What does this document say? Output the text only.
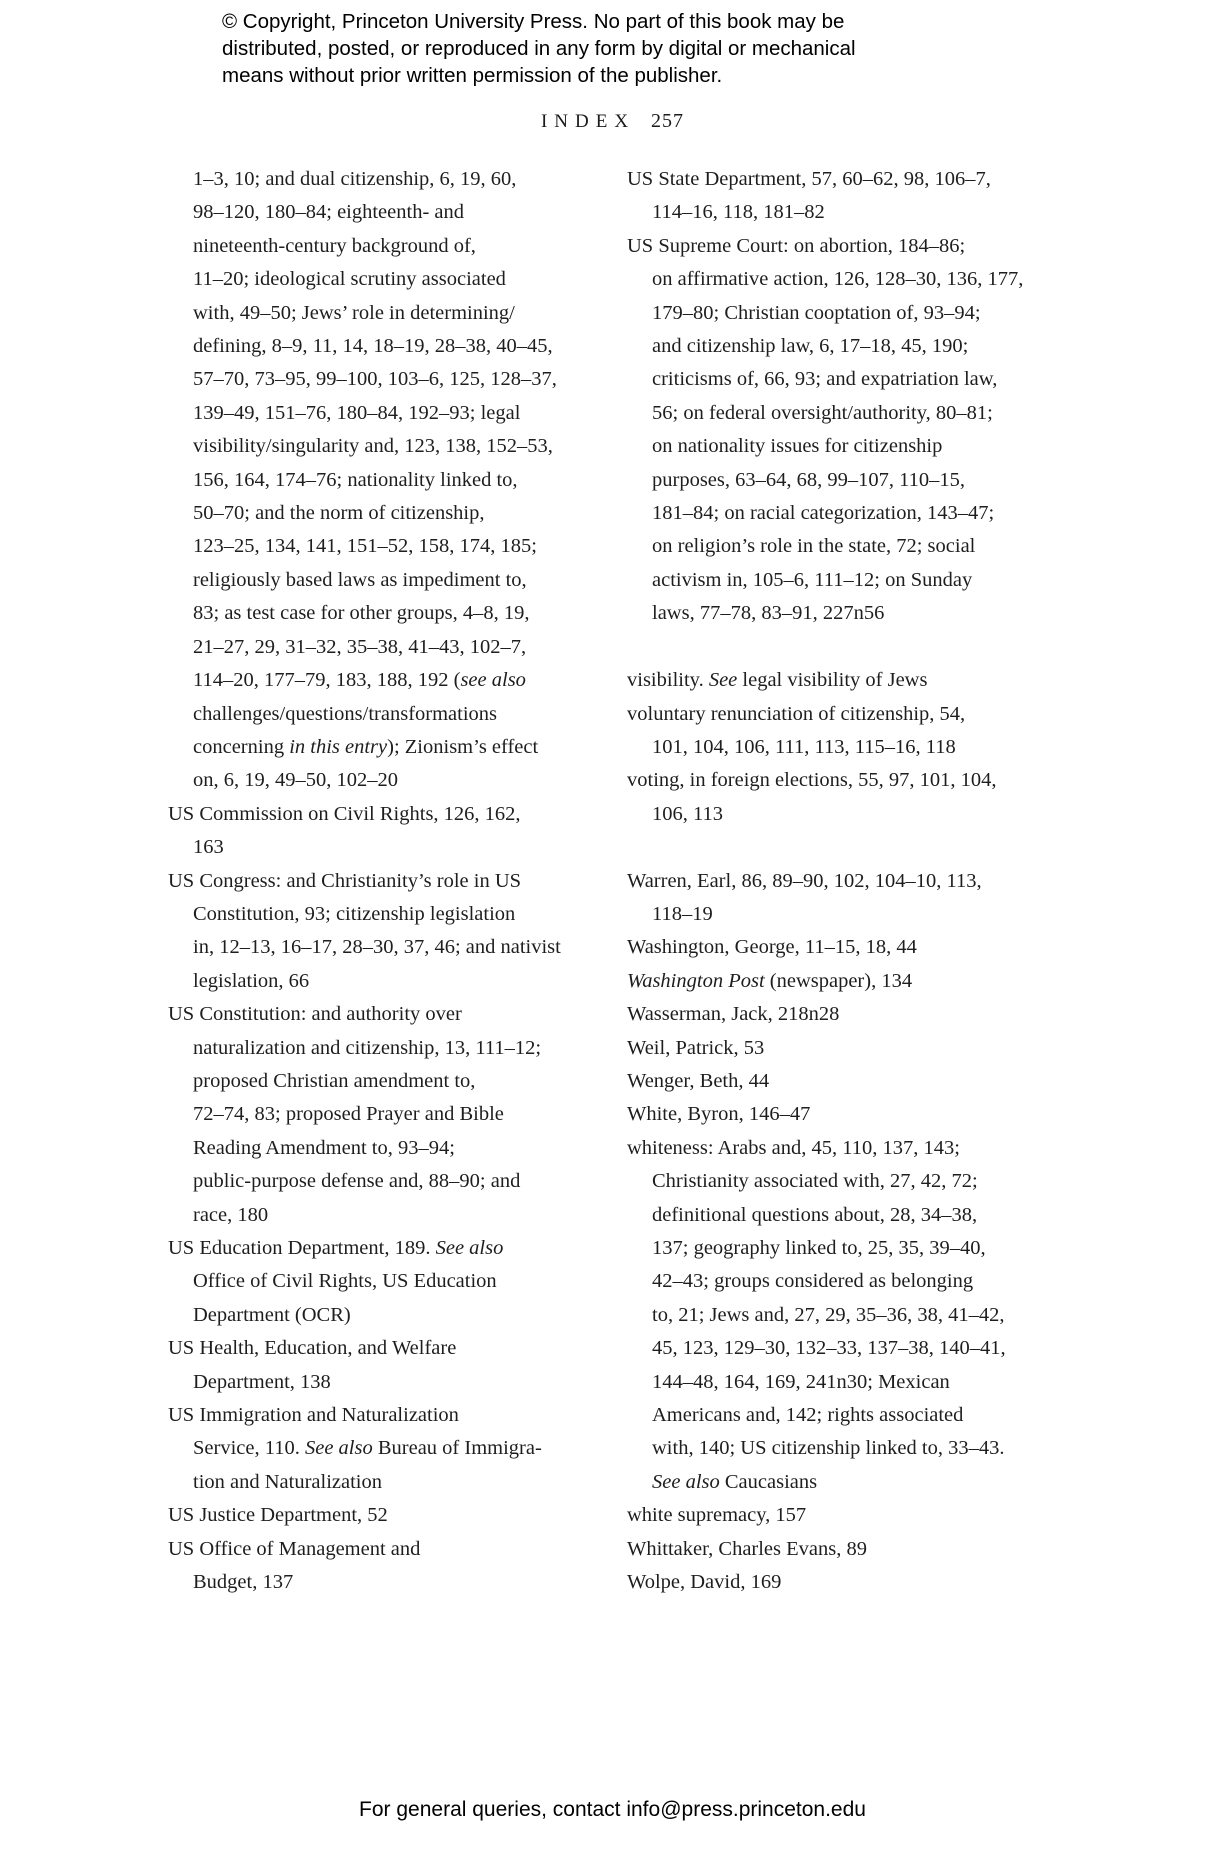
© Copyright, Princeton University Press. No part of this book may be
distributed, posted, or reproduced in any form by digital or mechanical
means without prior written permission of the publisher.
INDEX 257
1–3, 10; and dual citizenship, 6, 19, 60,
98–120, 180–84; eighteenth- and
nineteenth-century background of,
11–20; ideological scrutiny associated
with, 49–50; Jews’ role in determining/
defining, 8–9, 11, 14, 18–19, 28–38, 40–45,
57–70, 73–95, 99–100, 103–6, 125, 128–37,
139–49, 151–76, 180–84, 192–93; legal
visibility/singularity and, 123, 138, 152–53,
156, 164, 174–76; nationality linked to,
50–70; and the norm of citizenship,
123–25, 134, 141, 151–52, 158, 174, 185;
religiously based laws as impediment to,
83; as test case for other groups, 4–8, 19,
21–27, 29, 31–32, 35–38, 41–43, 102–7,
114–20, 177–79, 183, 188, 192 (see also
challenges/questions/transformations
concerning in this entry); Zionism’s effect
on, 6, 19, 49–50, 102–20
US Commission on Civil Rights, 126, 162,
163
US Congress: and Christianity’s role in US
Constitution, 93; citizenship legislation
in, 12–13, 16–17, 28–30, 37, 46; and nativist
legislation, 66
US Constitution: and authority over
naturalization and citizenship, 13, 111–12;
proposed Christian amendment to,
72–74, 83; proposed Prayer and Bible
Reading Amendment to, 93–94;
public-purpose defense and, 88–90; and
race, 180
US Education Department, 189. See also
Office of Civil Rights, US Education
Department (OCR)
US Health, Education, and Welfare
Department, 138
US Immigration and Naturalization
Service, 110. See also Bureau of Immigra-
tion and Naturalization
US Justice Department, 52
US Office of Management and
Budget, 137
US State Department, 57, 60–62, 98, 106–7,
114–16, 118, 181–82
US Supreme Court: on abortion, 184–86;
on affirmative action, 126, 128–30, 136, 177,
179–80; Christian cooptation of, 93–94;
and citizenship law, 6, 17–18, 45, 190;
criticisms of, 66, 93; and expatriation law,
56; on federal oversight/authority, 80–81;
on nationality issues for citizenship
purposes, 63–64, 68, 99–107, 110–15,
181–84; on racial categorization, 143–47;
on religion’s role in the state, 72; social
activism in, 105–6, 111–12; on Sunday
laws, 77–78, 83–91, 227n56

visibility. See legal visibility of Jews
voluntary renunciation of citizenship, 54,
101, 104, 106, 111, 113, 115–16, 118
voting, in foreign elections, 55, 97, 101, 104,
106, 113

Warren, Earl, 86, 89–90, 102, 104–10, 113,
118–19
Washington, George, 11–15, 18, 44
Washington Post (newspaper), 134
Wasserman, Jack, 218n28
Weil, Patrick, 53
Wenger, Beth, 44
White, Byron, 146–47
whiteness: Arabs and, 45, 110, 137, 143;
Christianity associated with, 27, 42, 72;
definitional questions about, 28, 34–38,
137; geography linked to, 25, 35, 39–40,
42–43; groups considered as belonging
to, 21; Jews and, 27, 29, 35–36, 38, 41–42,
45, 123, 129–30, 132–33, 137–38, 140–41,
144–48, 164, 169, 241n30; Mexican
Americans and, 142; rights associated
with, 140; US citizenship linked to, 33–43.
See also Caucasians
white supremacy, 157
Whittaker, Charles Evans, 89
Wolpe, David, 169
For general queries, contact info@press.princeton.edu
